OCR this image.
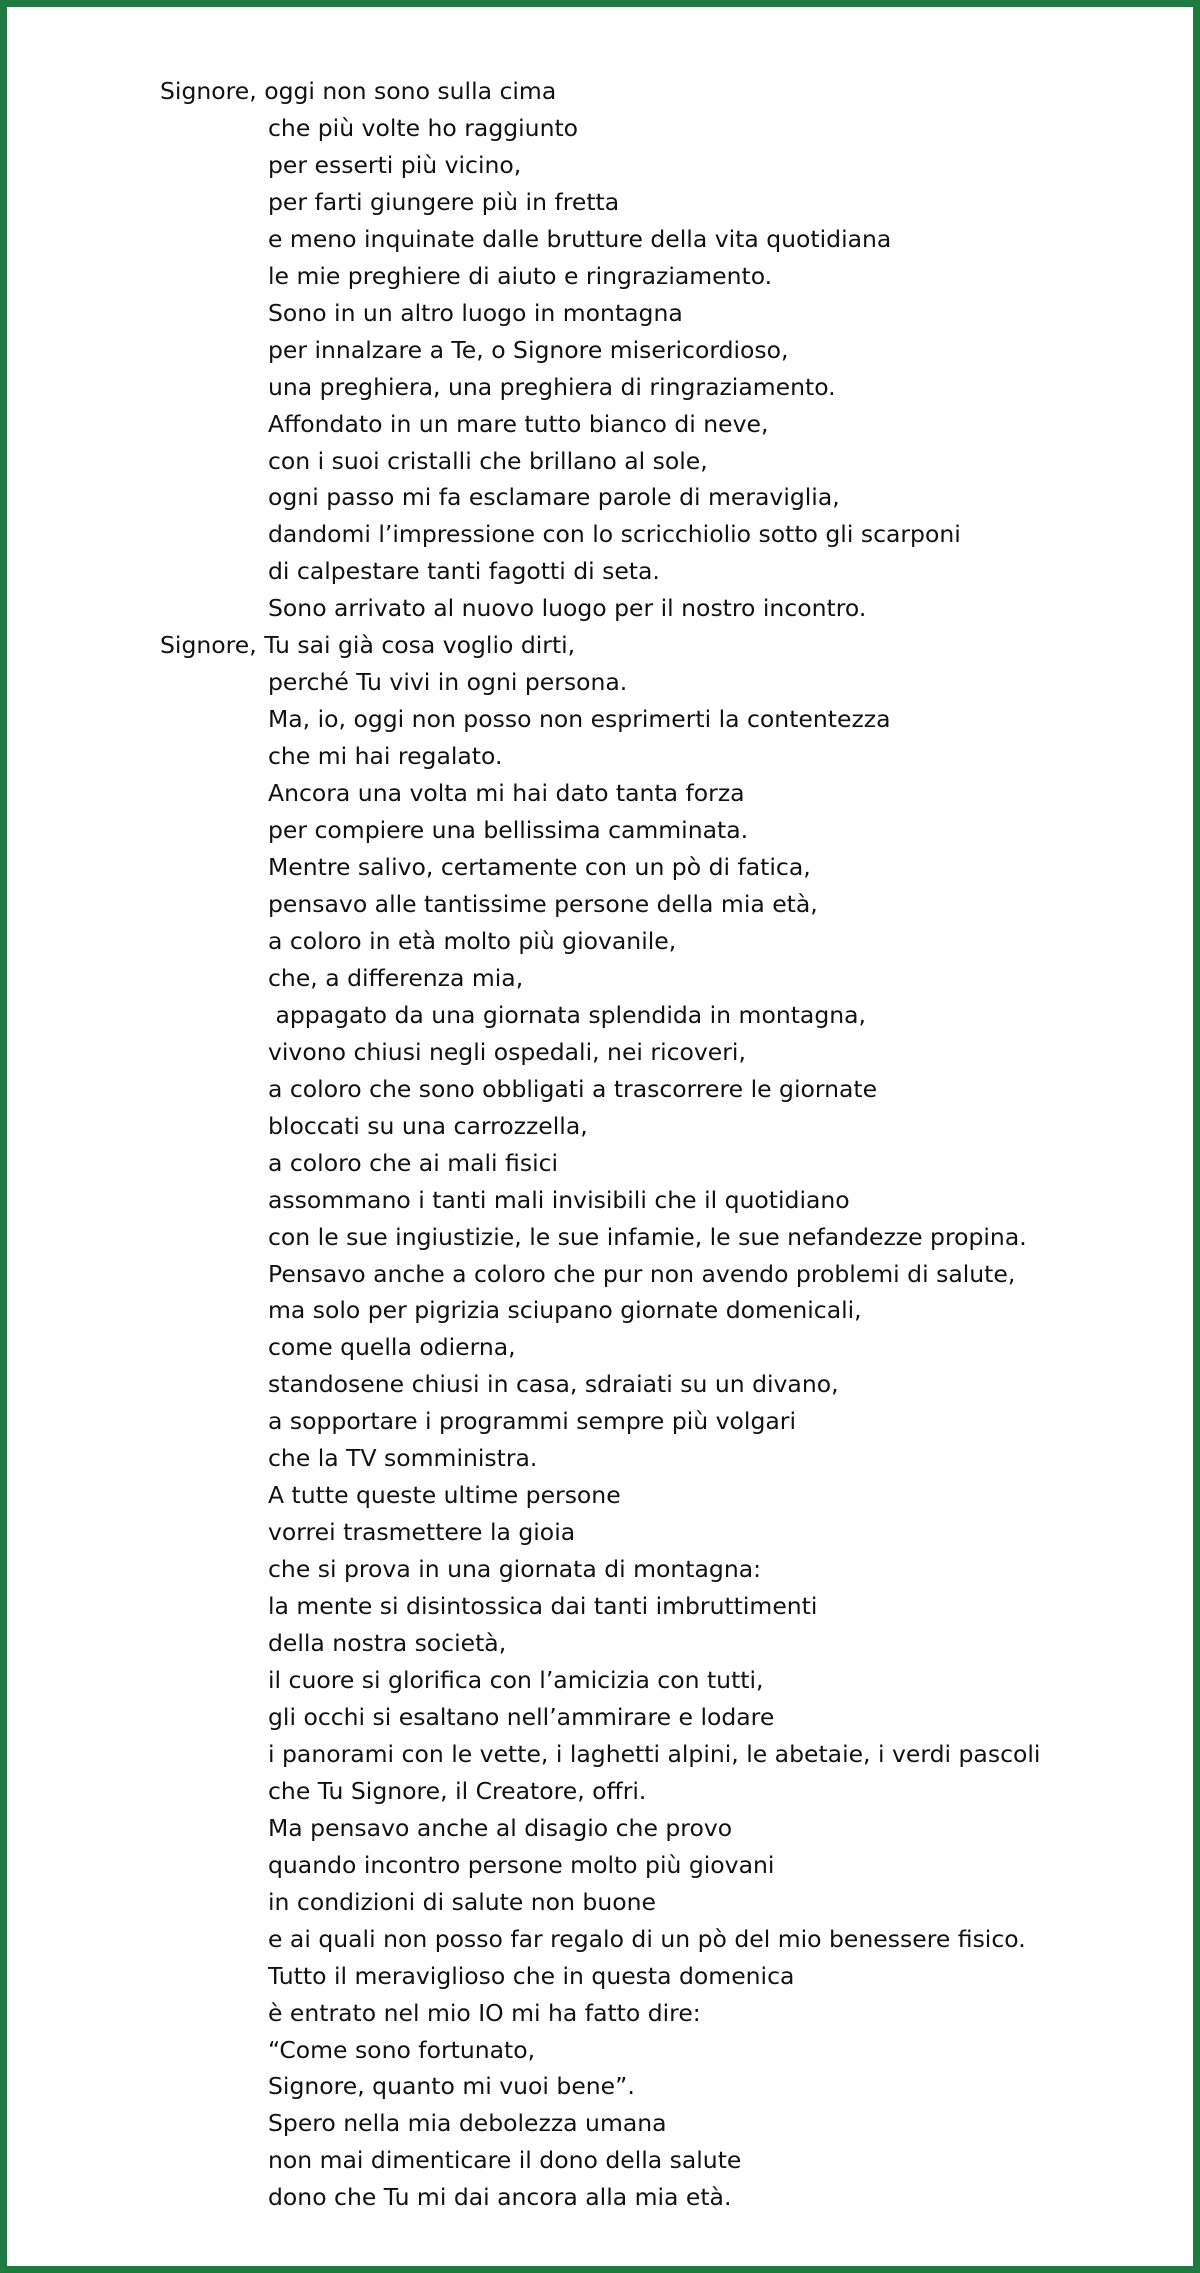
Signore, oggi non sono sulla cima
che più volte ho raggiunto
per esserti più vicino,
per farti giungere più in fretta
e meno inquinate dalle brutture della vita quotidiana
le mie preghiere di aiuto e ringraziamento.
Sono in un altro luogo in montagna
per innalzare a Te, o Signore misericordioso,
una preghiera, una preghiera di ringraziamento.
Affondato in un mare tutto bianco di neve,
con i suoi cristalli che brillano al sole,
ogni passo mi fa esclamare parole di meraviglia,
dandomi l’impressione con lo scricchiolio sotto gli scarponi
di calpestare tanti fagotti di seta.
Sono arrivato al nuovo luogo per il nostro incontro.
Signore, Tu sai già cosa voglio dirti,
perché Tu vivi in ogni persona.
Ma, io, oggi non posso non esprimerti la contentezza
che mi hai regalato.
Ancora una volta mi hai dato tanta forza
per compiere una bellissima camminata.
Mentre salivo, certamente con un pò di fatica,
pensavo alle tantissime persone della mia età,
a coloro in età molto più giovanile,
che, a differenza mia,
appagato da una giornata splendida in montagna,
vivono chiusi negli ospedali, nei ricoveri,
a coloro che sono obbligati a trascorrere le giornate
bloccati su una carrozzella,
a coloro che ai mali fisici
assommano i tanti mali invisibili che il quotidiano
con le sue ingiustizie, le sue infamie, le sue nefandezze propina.
Pensavo anche a coloro che pur non avendo problemi di salute,
ma solo per pigrizia sciupano giornate domenicali,
come quella odierna,
standosene chiusi in casa, sdraiati su un divano,
a sopportare i programmi sempre più volgari
che la TV somministra.
A tutte queste ultime persone
vorrei trasmettere la gioia
che si prova in una giornata di montagna:
la mente si disintossica dai tanti imbruttimenti
della nostra società,
il cuore si glorifica con l’amicizia con tutti,
gli occhi si esaltano nell’ammirare e lodare
i panorami con le vette, i laghetti alpini, le abetaie, i verdi pascoli
che Tu Signore, il Creatore, offri.
Ma pensavo anche al disagio che provo
quando incontro persone molto più giovani
in condizioni di salute non buone
e ai quali non posso far regalo di un pò del mio benessere fisico.
Tutto il meraviglioso che in questa domenica
è entrato nel mio IO mi ha fatto dire:
“Come sono fortunato,
Signore, quanto mi vuoi bene”.
Spero nella mia debolezza umana
non mai dimenticare il dono della salute
dono che Tu mi dai ancora alla mia età.
